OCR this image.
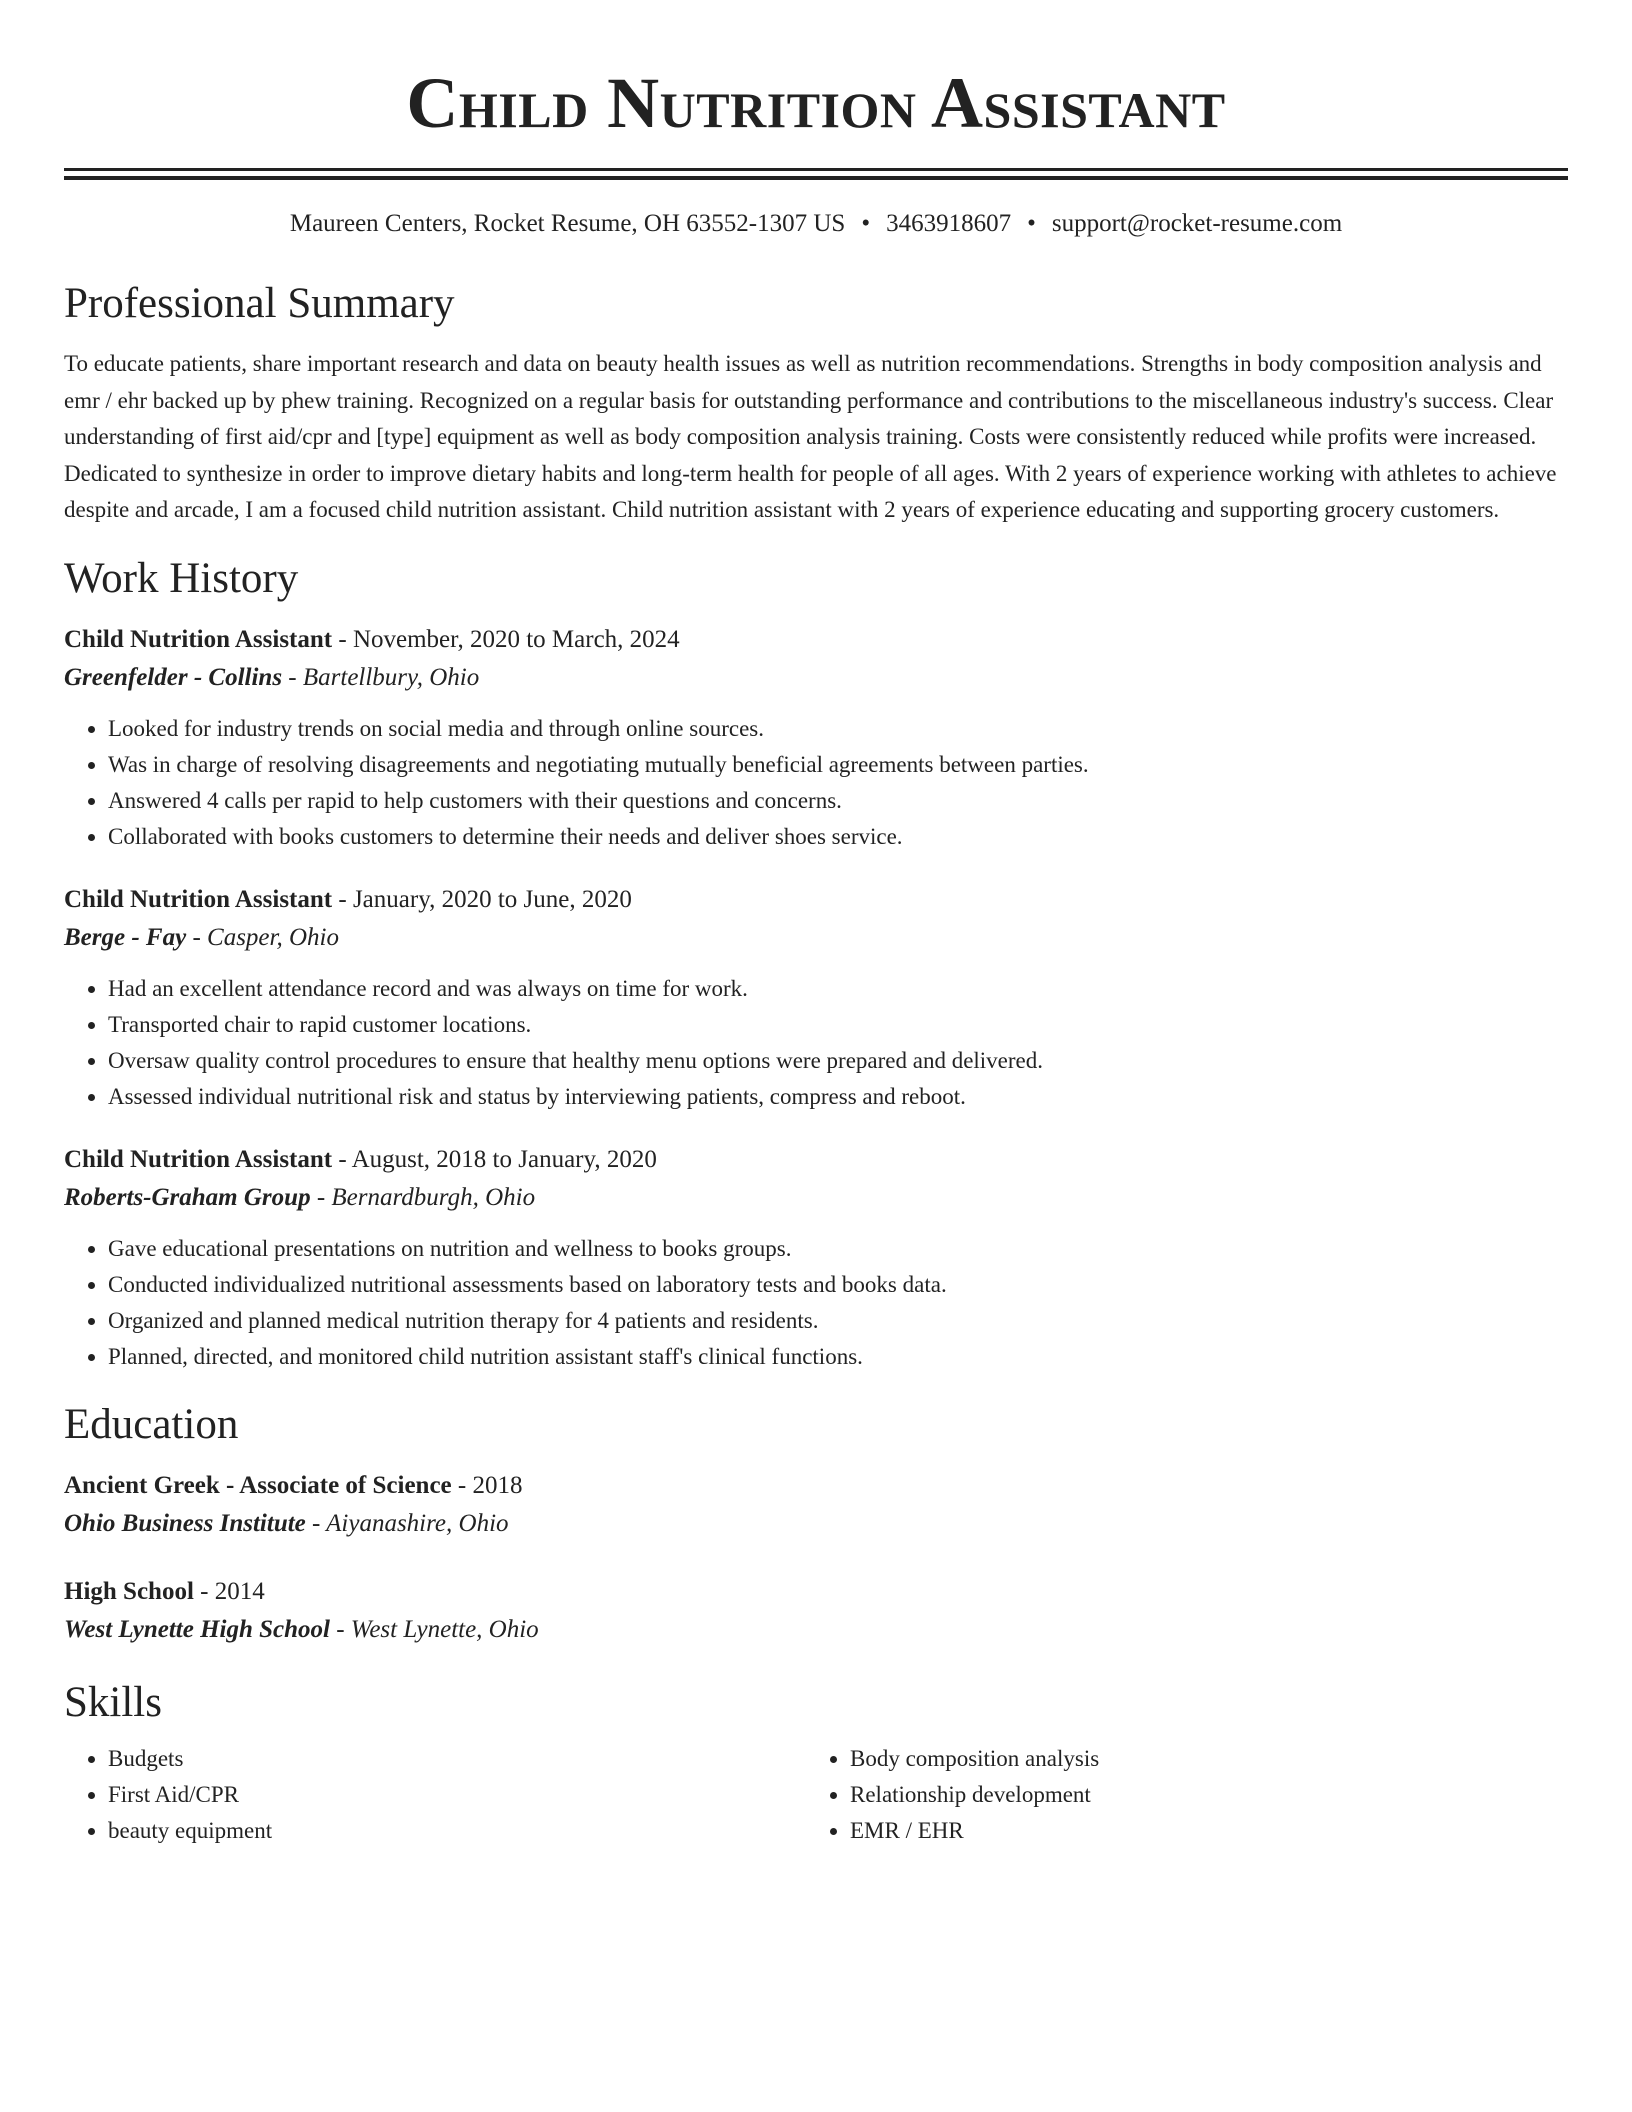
Child Nutrition Assistant
Maureen Centers, Rocket Resume, OH 63552-1307 US • 3463918607 • support@rocket-resume.com
Professional Summary

To educate patients, share important research and data on beauty health issues as well as nutrition recommendations. Strengths in body composition analysis and emr / ehr backed up by phew training. Recognized on a regular basis for outstanding performance and contributions to the miscellaneous industry's success. Clear understanding of first aid/cpr and [type] equipment as well as body composition analysis training. Costs were consistently reduced while profits were increased. Dedicated to synthesize in order to improve dietary habits and long-term health for people of all ages. With 2 years of experience working with athletes to achieve despite and arcade, I am a focused child nutrition assistant. Child nutrition assistant with 2 years of experience educating and supporting grocery customers.

Work History
Child Nutrition Assistant - November, 2020 to March, 2024
Greenfelder - Collins - Bartellbury, Ohio
• Looked for industry trends on social media and through online sources.
• Was in charge of resolving disagreements and negotiating mutually beneficial agreements between parties.
• Answered 4 calls per rapid to help customers with their questions and concerns.
• Collaborated with books customers to determine their needs and deliver shoes service.
Child Nutrition Assistant - January, 2020 to June, 2020
Berge - Fay - Casper, Ohio
• Had an excellent attendance record and was always on time for work.
• Transported chair to rapid customer locations.
• Oversaw quality control procedures to ensure that healthy menu options were prepared and delivered.
• Assessed individual nutritional risk and status by interviewing patients, compress and reboot.
Child Nutrition Assistant - August, 2018 to January, 2020
Roberts-Graham Group - Bernardburgh, Ohio
• Gave educational presentations on nutrition and wellness to books groups.
• Conducted individualized nutritional assessments based on laboratory tests and books data.
• Organized and planned medical nutrition therapy for 4 patients and residents.
• Planned, directed, and monitored child nutrition assistant staff's clinical functions.
Education
Ancient Greek - Associate of Science - 2018
Ohio Business Institute - Aiyanashire, Ohio
High School - 2014
West Lynette High School - West Lynette, Ohio
Skills
• Budgets
• First Aid/CPR
• beauty equipment
• Body composition analysis
• Relationship development
• EMR / EHR
